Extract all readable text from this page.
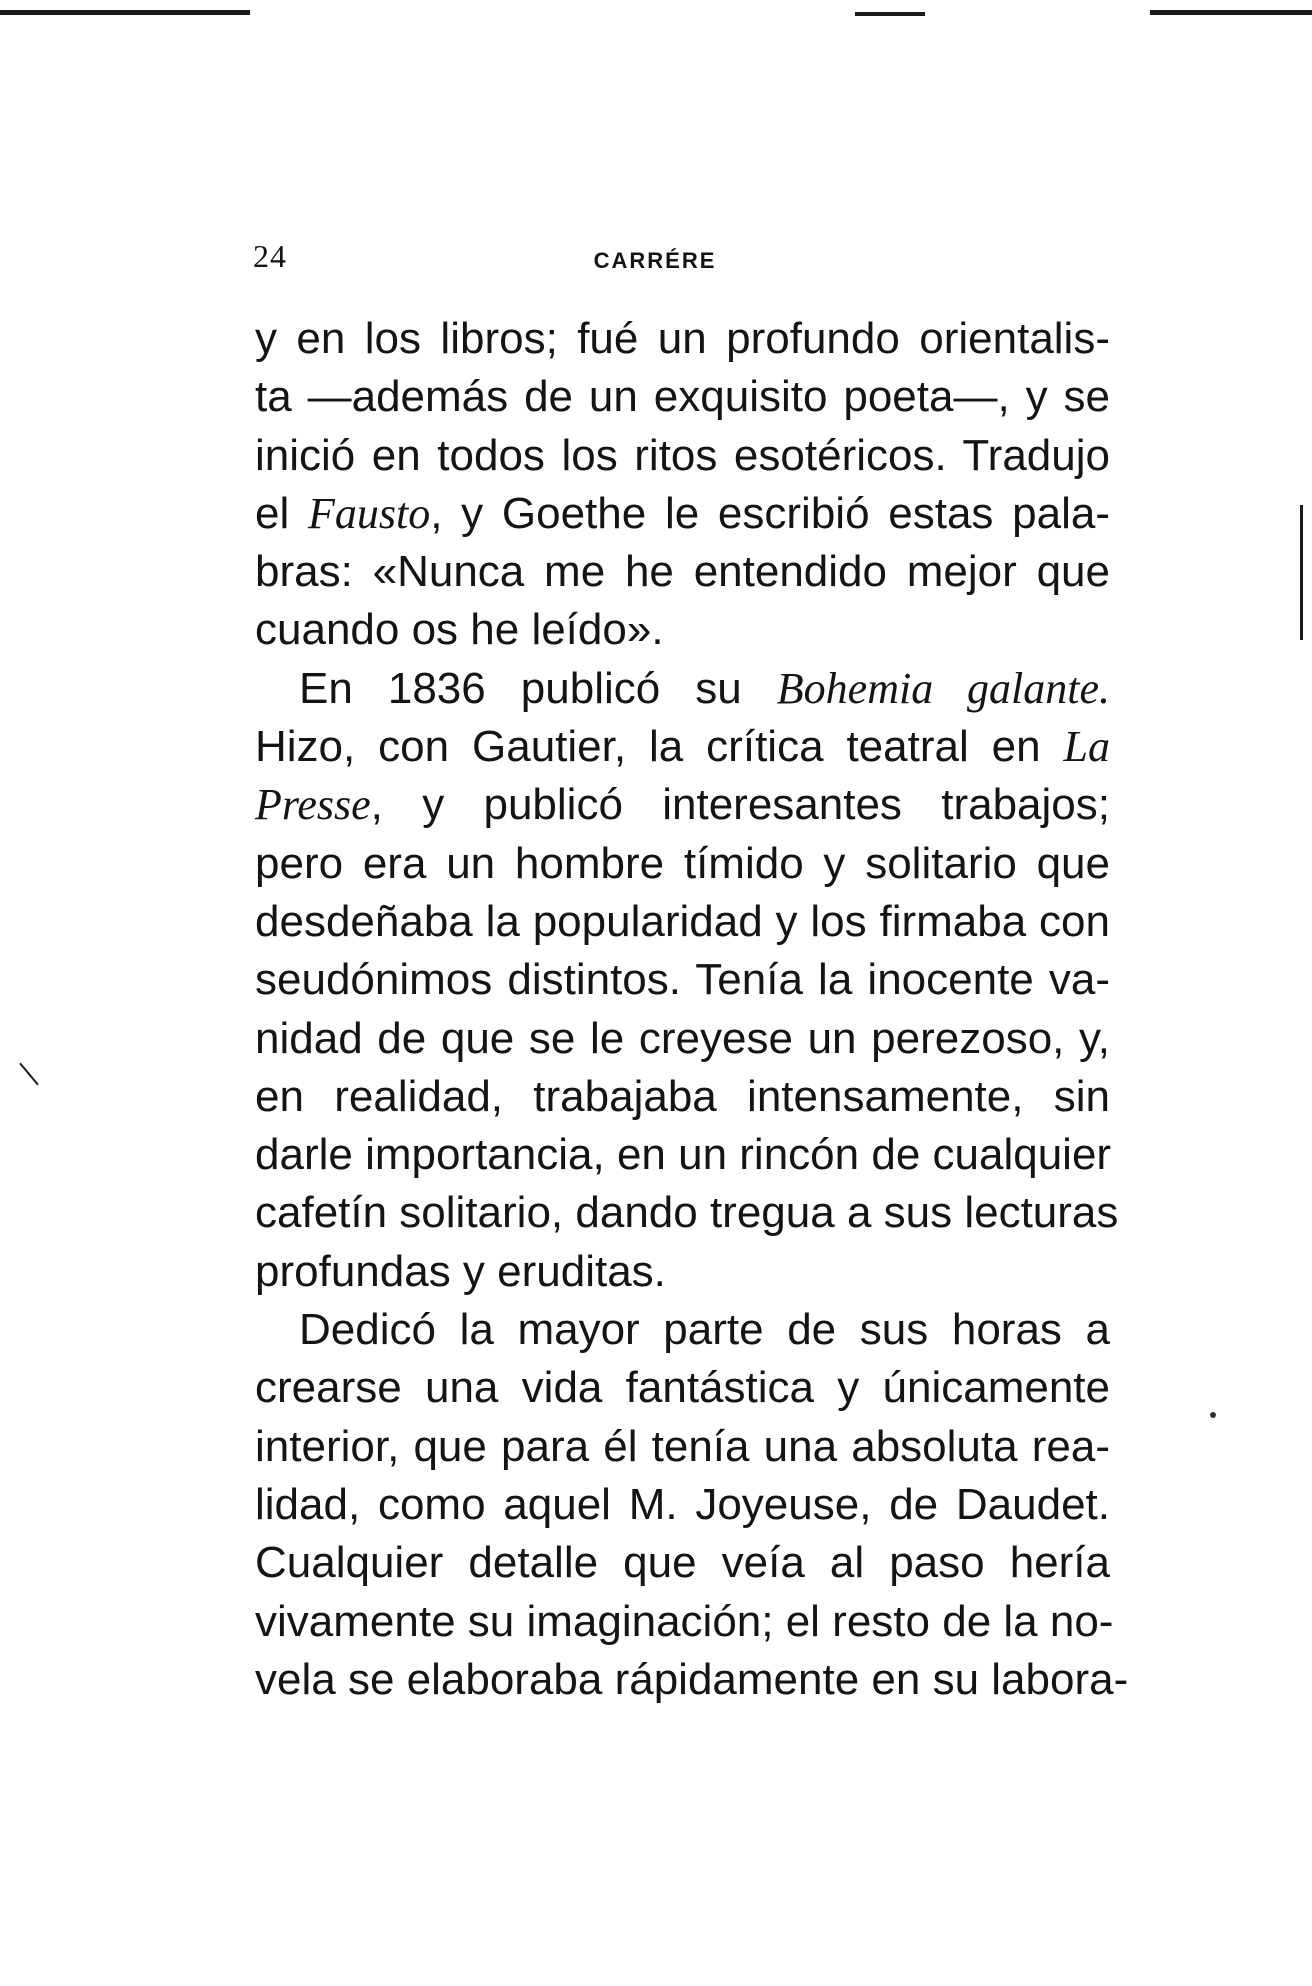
24	CARRÉRE
y en los libros; fué un profundo orientalis-
ta —además de un exquisito poeta—, y se
inició en todos los ritos esotéricos. Tradujo
el Fausto, y Goethe le escribió estas pala-
bras: «Nunca me he entendido mejor que
cuando os he leído».
En 1836 publicó su Bohemia galante.
Hizo, con Gautier, la crítica teatral en La
Presse, y publicó interesantes trabajos;
pero era un hombre tímido y solitario que
desdeñaba la popularidad y los firmaba con
seudónimos distintos. Tenía la inocente va-
nidad de que se le creyese un perezoso, y,
en realidad, trabajaba intensamente, sin
darle importancia, en un rincón de cualquier
cafetín solitario, dando tregua a sus lecturas
profundas y eruditas.
Dedicó la mayor parte de sus horas a
crearse una vida fantástica y únicamente
interior, que para él tenía una absoluta rea-
lidad, como aquel M. Joyeuse, de Daudet.
Cualquier detalle que veía al paso hería
vivamente su imaginación; el resto de la no-
vela se elaboraba rápidamente en su labora-
